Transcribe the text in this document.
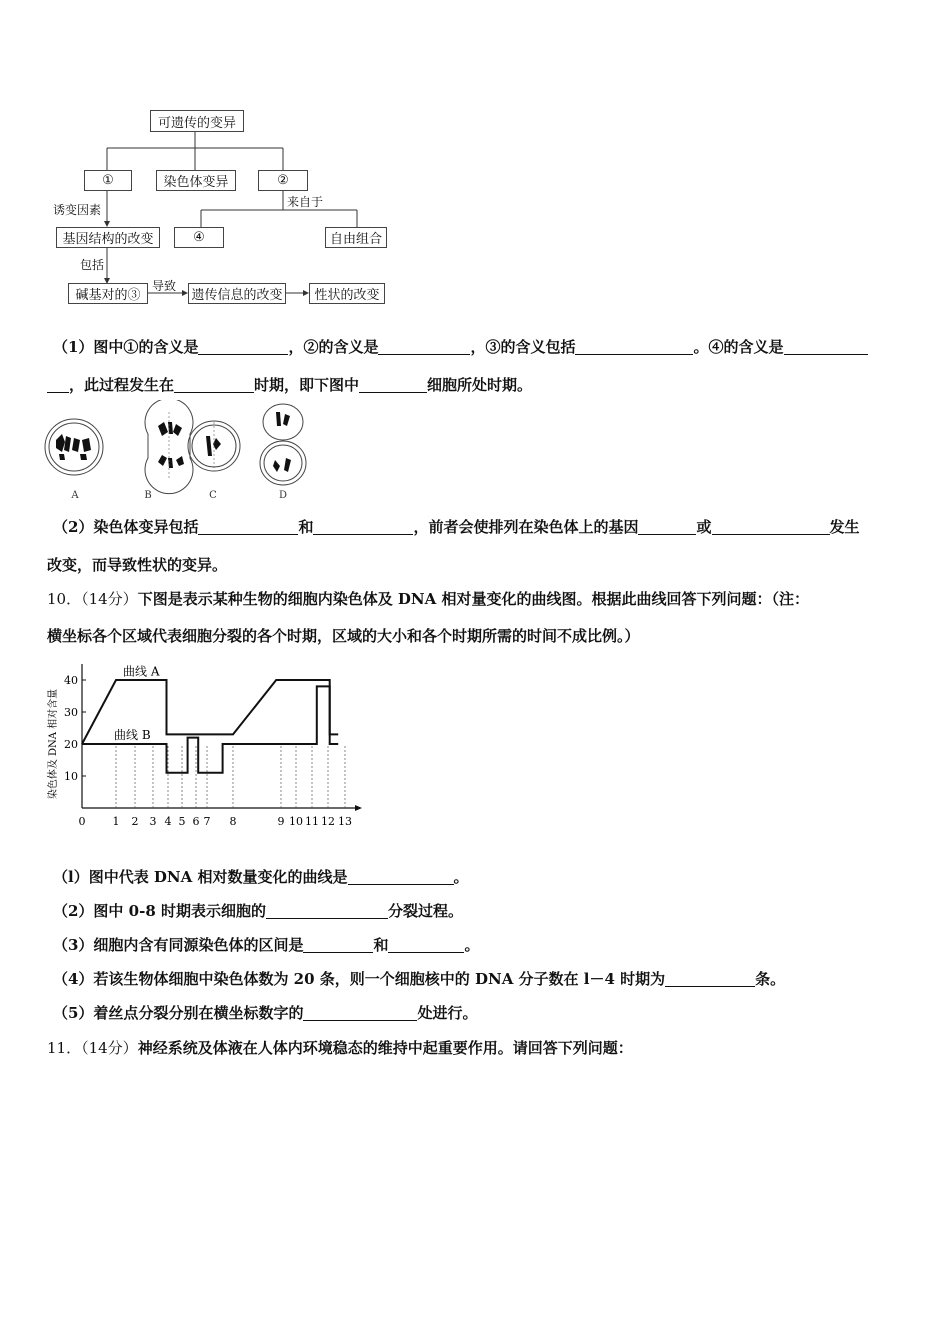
可遗传的变异
①	染色体变异	②
诱变因素
来自于
基因结构的改变	④	自由组合
包括
导致
碱基对的③	遗传信息的改变	性状的改变
（1）图中①的含义是	，②的含义是	，③的含义包括	。④的含义是
，此过程发生在	时期，即下图中	细胞所处时期。
A	B	C	D
（2）染色体变异包括	和	，前者会使排列在染色体上的基因	或	发生
改变，而导致性状的变异。
10．（14分）下图是表示某种生物的细胞内染色体及 DNA 相对量变化的曲线图。根据此曲线回答下列问题：（注：
横坐标各个区域代表细胞分裂的各个时期，区域的大小和各个时期所需的时间不成比例。）
10
20
30
40
0 1 2 3 4 5 6 7 8	9 10 11 12 13
曲线 A
曲线 B
染色体及 DNA 相对含量
（l）图中代表 DNA 相对数量变化的曲线是	。
（2）图中 0-8 时期表示细胞的	分裂过程。
（3）细胞内含有同源染色体的区间是	和	。
（4）若该生物体细胞中染色体数为 20 条，则一个细胞核中的 DNA 分子数在 l－4 时期为	条。
（5）着丝点分裂分别在横坐标数字的	处进行。
11．（14分）神经系统及体液在人体内环境稳态的维持中起重要作用。请回答下列问题：
